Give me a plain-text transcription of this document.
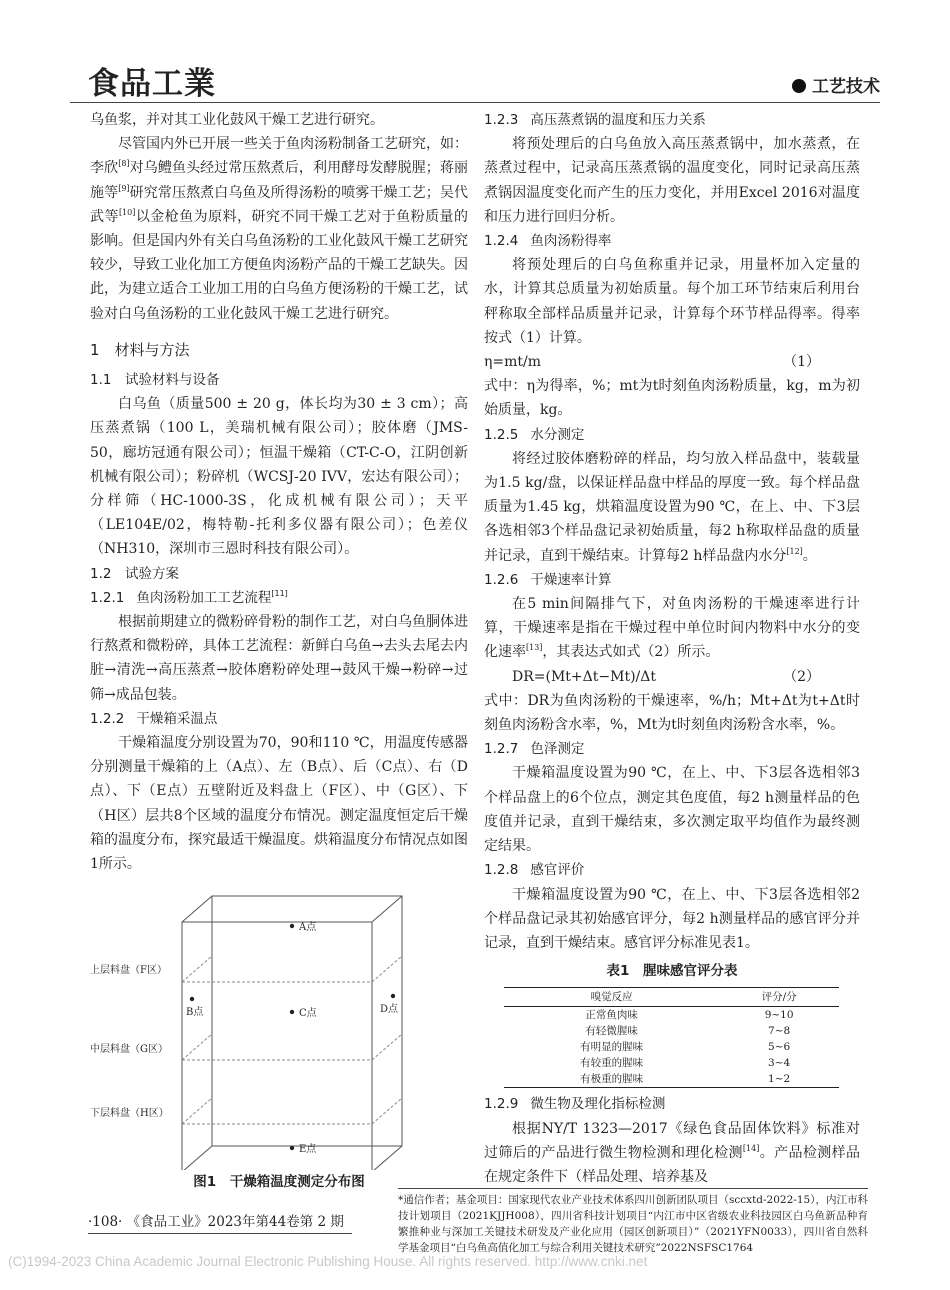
食品工業	工艺技术

乌鱼浆，并对其工业化鼓风干燥工艺进行研究。

尽管国内外已开展一些关于鱼肉汤粉制备工艺研究，如：李欣[8]对乌鳢鱼头经过常压熬煮后，利用酵母发酵脱腥；蒋丽施等[9]研究常压熬煮白乌鱼及所得汤粉的喷雾干燥工艺；吴代武等[10]以金枪鱼为原料，研究不同干燥工艺对于鱼粉质量的影响。但是国内外有关白乌鱼汤粉的工业化鼓风干燥工艺研究较少，导致工业化加工方便鱼肉汤粉产品的干燥工艺缺失。因此，为建立适合工业加工用的白乌鱼方便汤粉的干燥工艺，试验对白乌鱼汤粉的工业化鼓风干燥工艺进行研究。

1　材料与方法
1.1　试验材料与设备

白乌鱼（质量500 ± 20 g，体长均为30 ± 3 cm）；高压蒸煮锅（100 L，美瑞机械有限公司）；胶体磨（JMS-50，廊坊冠通有限公司）；恒温干燥箱（CT-C-O，江阴创新机械有限公司）；粉碎机（WCSJ-20 IVV，宏达有限公司）；分样筛（HC-1000-3S，化成机械有限公司）；天平（LE104E/02，梅特勒-托利多仪器有限公司）；色差仪（NH310，深圳市三恩时科技有限公司）。

1.2　试验方案
1.2.1 鱼肉汤粉加工工艺流程[11]

根据前期建立的微粉碎骨粉的制作工艺，对白乌鱼胴体进行熬煮和微粉碎，具体工艺流程：新鲜白乌鱼→去头去尾去内脏→清洗→高压蒸煮→胶体磨粉碎处理→鼓风干燥→粉碎→过筛→成品包装。

1.2.2 干燥箱采温点

干燥箱温度分别设置为70，90和110 ℃，用温度传感器分别测量干燥箱的上（A点）、左（B点）、后（C点）、右（D点）、下（E点）五壁附近及料盘上（F区）、中（G区）、下（H区）层共8个区域的温度分布情况。测定温度恒定后干燥箱的温度分布，探究最适干燥温度。烘箱温度分布情况点如图1所示。

A点
B点	C点	D点
E点
上层料盘（F区）
中层料盘（G区）
下层料盘（H区）
图1　干燥箱温度测定分布图
1.2.3 高压蒸煮锅的温度和压力关系

将预处理后的白乌鱼放入高压蒸煮锅中，加水蒸煮，在蒸煮过程中，记录高压蒸煮锅的温度变化，同时记录高压蒸煮锅因温度变化而产生的压力变化，并用Excel 2016对温度和压力进行回归分析。

1.2.4 鱼肉汤粉得率

将预处理后的白乌鱼称重并记录，用量杯加入定量的水，计算其总质量为初始质量。每个加工环节结束后利用台秤称取全部样品质量并记录，计算每个环节样品得率。得率按式（1）计算。

η=mt/m	（1）

式中：η为得率，%；mt为t时刻鱼肉汤粉质量，kg，m为初始质量，kg。

1.2.5 水分测定

将经过胶体磨粉碎的样品，均匀放入样品盘中，装载量为1.5 kg/盘，以保证样品盘中样品的厚度一致。每个样品盘质量为1.45 kg，烘箱温度设置为90 ℃，在上、中、下3层各选相邻3个样品盘记录初始质量，每2 h称取样品盘的质量并记录，直到干燥结束。计算每2 h样品盘内水分[12]。

1.2.6 干燥速率计算

在5 min间隔排气下，对鱼肉汤粉的干燥速率进行计算，干燥速率是指在干燥过程中单位时间内物料中水分的变化速率[13]，其表达式如式（2）所示。

DR=(Mt+Δt−Mt)/Δt	（2）

式中：DR为鱼肉汤粉的干燥速率，%/h；Mt+Δt为t+Δt时刻鱼肉汤粉含水率，%，Mt为t时刻鱼肉汤粉含水率，%。

1.2.7 色泽测定

干燥箱温度设置为90 ℃，在上、中、下3层各选相邻3个样品盘上的6个位点，测定其色度值，每2 h测量样品的色度值并记录，直到干燥结束，多次测定取平均值作为最终测定结果。

1.2.8 感官评价

干燥箱温度设置为90 ℃，在上、中、下3层各选相邻2个样品盘记录其初始感官评分，每2 h测量样品的感官评分并记录，直到干燥结束。感官评分标准见表1。

表1　腥味感官评分表
嗅觉反应	评分/分
正常鱼肉味	9~10
有轻微腥味	7~8
有明显的腥味	5~6
有较重的腥味	3~4
有极重的腥味	1~2
1.2.9 微生物及理化指标检测

根据NY/T 1323—2017《绿色食品固体饮料》标准对过筛后的产品进行微生物检测和理化检测[14]。产品检测样品在规定条件下（样品处理、培养基及

·108· 《食品工业》2023年第44卷第 2 期
*通信作者；基金项目：国家现代农业产业技术体系四川创新团队项目（sccxtd-2022-15），内江市科技计划项目（2021KJJH008），四川省科技计划项目“内江市中区省级农业科技园区白乌鱼新品种育繁推种业与深加工关键技术研发及产业化应用（园区创新项目）”（2021YFN0033），四川省自然科学基金项目“白乌鱼高值化加工与综合利用关键技术研究”2022NSFSC1764
(C)1994-2023 China Academic Journal Electronic Publishing House. All rights reserved. http://www.cnki.net
